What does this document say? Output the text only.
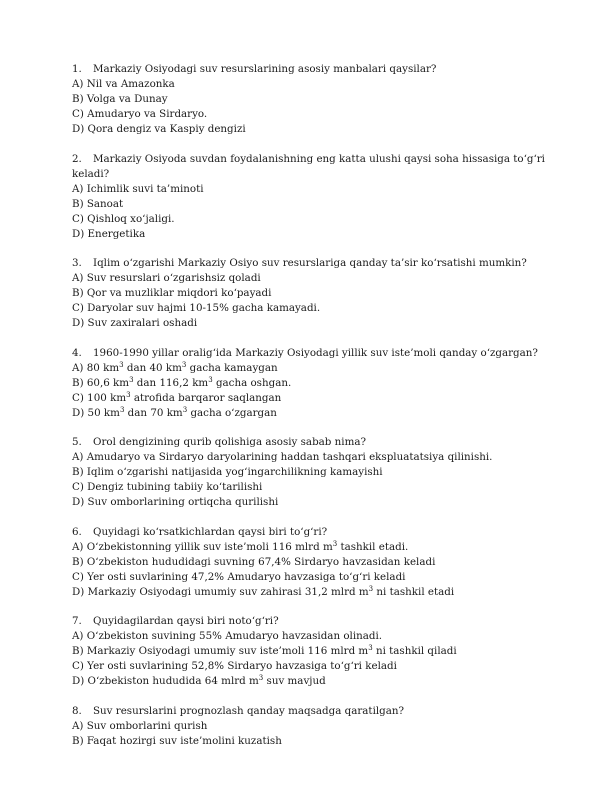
1. Markaziy Osiyodagi suv resurslarining asosiy manbalari qaysilar?
A) Nil va Amazonka
B) Volga va Dunay
C) Amudaryo va Sirdaryo.
D) Qora dengiz va Kaspiy dengizi
2. Markaziy Osiyoda suvdan foydalanishning eng katta ulushi qaysi soha hissasiga to‘g‘ri keladi?
A) Ichimlik suvi ta’minoti
B) Sanoat
C) Qishloq xo‘jaligi.
D) Energetika
3. Iqlim o‘zgarishi Markaziy Osiyo suv resurslariga qanday ta’sir ko‘rsatishi mumkin?
A) Suv resurslari o‘zgarishsiz qoladi
B) Qor va muzliklar miqdori ko‘payadi
C) Daryolar suv hajmi 10-15% gacha kamayadi.
D) Suv zaxiralari oshadi
4. 1960-1990 yillar oralig‘ida Markaziy Osiyodagi yillik suv iste’moli qanday o‘zgargan?
A) 80 $km^3$ dan 40 $km^3$ gacha kamaygan
B) 60,6 $km^3$ dan 116,2 $km^3$ gacha oshgan.
C) 100 $km^3$ atrofida barqaror saqlangan
D) 50 $km^3$ dan 70 $km^3$ gacha o‘zgargan
5. Orol dengizining qurib qolishiga asosiy sabab nima?
A) Amudaryo va Sirdaryo daryolarining haddan tashqari ekspluatatsiya qilinishi.
B) Iqlim o‘zgarishi natijasida yog‘ingarchilikning kamayishi
C) Dengiz tubining tabiiy ko‘tarilishi
D) Suv omborlarining ortiqcha qurilishi
6. Quyidagi ko‘rsatkichlardan qaysi biri to‘g‘ri?
A) O‘zbekistonning yillik suv iste’moli 116 mlrd $m^3$ tashkil etadi.
B) O‘zbekiston hududidagi suvning 67,4% Sirdaryo havzasidan keladi
C) Yer osti suvlarining 47,2% Amudaryo havzasiga to‘g‘ri keladi
D) Markaziy Osiyodagi umumiy suv zahirasi 31,2 mlrd $m^3$ ni tashkil etadi
7. Quyidagilardan qaysi biri noto‘g‘ri?
A) O‘zbekiston suvining 55% Amudaryo havzasidan olinadi.
B) Markaziy Osiyodagi umumiy suv iste’moli 116 mlrd $m^3$ ni tashkil qiladi
C) Yer osti suvlarining 52,8% Sirdaryo havzasiga to‘g‘ri keladi
D) O‘zbekiston hududida 64 mlrd $m^3$ suv mavjud
8. Suv resurslarini prognozlash qanday maqsadga qaratilgan?
A) Suv omborlarini qurish
B) Faqat hozirgi suv iste’molini kuzatish
